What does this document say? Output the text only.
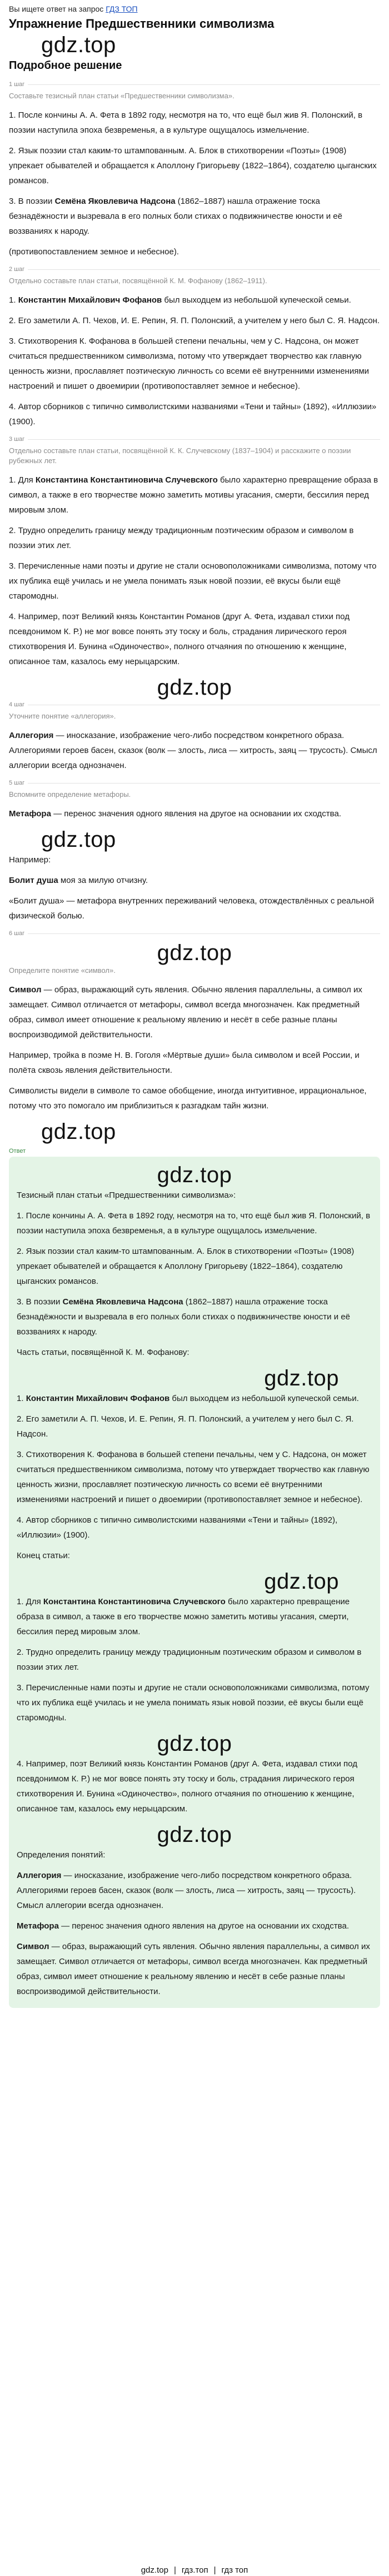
Вы ищете ответ на запрос ГДЗ ТОП
Упражнение Предшественники символизма
gdz.top
Подробное решение
1 шаг
Составьте тезисный план статьи «Предшественники символизма».

1. После кончины А. А. Фета в 1892 году, несмотря на то, что ещё был жив Я. Полонский, в поэзии наступила эпоха безвременья, а в культуре ощущалось измельчение.

2. Язык поэзии стал каким-то штампованным. А. Блок в стихотворении «Поэты» (1908) упрекает обывателей и обращается к Аполлону Григорьеву (1822–1864), создателю цыганских романсов.

3. В поэзии Семёна Яковлевича Надсона (1862–1887) нашла отражение тоска безнадёжности и вызревала в его полных боли стихах о подвижничестве юности и её воззваниях к народу.

(противопоставлением земное и небесное).

2 шаг
Отдельно составьте план статьи, посвящённой К. М. Фофанову (1862–1911).

1. Константин Михайлович Фофанов был выходцем из небольшой купеческой семьи.

2. Его заметили А. П. Чехов, И. Е. Репин, Я. П. Полонский, а учителем у него был С. Я. Надсон.

3. Стихотворения К. Фофанова в большей степени печальны, чем у С. Надсона, он может считаться предшественником символизма, потому что утверждает творчество как главную ценность жизни, прославляет поэтическую личность со всеми её внутренними изменениями настроений и пишет о двоемирии (противопоставляет земное и небесное).

4. Автор сборников с типично символистскими названиями «Тени и тайны» (1892), «Иллюзии» (1900).

3 шаг
Отдельно составьте план статьи, посвящённой К. К. Случевскому (1837–1904) и расскажите о поэзии рубежных лет.

1. Для Константина Константиновича Случевского было характерно превращение образа в символ, а также в его творчестве можно заметить мотивы угасания, смерти, бессилия перед мировым злом.

2. Трудно определить границу между традиционным поэтическим образом и символом в поэзии этих лет.

3. Перечисленные нами поэты и другие не стали основоположниками символизма, потому что их публика ещё училась и не умела понимать язык новой поэзии, её вкусы были ещё старомодны.

4. Например, поэт Великий князь Константин Романов (друг А. Фета, издавал стихи под псевдонимом К. Р.) не мог вовсе понять эту тоску и боль, страдания лирического героя стихотворения И. Бунина «Одиночество», полного отчаяния по отношению к женщине, описанное там, казалось ему нерыцарским.

gdz.top
4 шаг
Уточните понятие «аллегория».

Аллегория — иносказание, изображение чего-либо посредством конкретного образа. Аллегориями героев басен, сказок (волк — злость, лиса — хитрость, заяц — трусость). Смысл аллегории всегда однозначен.

5 шаг
Вспомните определение метафоры.

Метафора — перенос значения одного явления на другое на основании их сходства.

gdz.top

Например:

Болит душа моя за милую отчизну.

«Болит душа» — метафора внутренних переживаний человека, отождествлённых с реальной физической болью.

6 шаг
gdz.top
Определите понятие «символ».

Символ — образ, выражающий суть явления. Обычно явления параллельны, а символ их замещает. Символ отличается от метафоры, символ всегда многозначен. Как предметный образ, символ имеет отношение к реальному явлению и несёт в себе разные планы воспроизводимой действительности.

Например, тройка в поэме Н. В. Гоголя «Мёртвые души» была символом и всей России, и полёта сквозь явления действительности.

Символисты видели в символе то самое обобщение, иногда интуитивное, иррациональное, потому что это помогало им приблизиться к разгадкам тайн жизни.

gdz.top
Ответ
gdz.top

Тезисный план статьи «Предшественники символизма»:

1. После кончины А. А. Фета в 1892 году, несмотря на то, что ещё был жив Я. Полонский, в поэзии наступила эпоха безвременья, а в культуре ощущалось измельчение.

2. Язык поэзии стал каким-то штампованным. А. Блок в стихотворении «Поэты» (1908) упрекает обывателей и обращается к Аполлону Григорьеву (1822–1864), создателю цыганских романсов.

3. В поэзии Семёна Яковлевича Надсона (1862–1887) нашла отражение тоска безнадёжности и вызревала в его полных боли стихах о подвижничестве юности и её воззваниях к народу.

Часть статьи, посвящённой К. М. Фофанову:

gdz.top

1. Константин Михайлович Фофанов был выходцем из небольшой купеческой семьи.

2. Его заметили А. П. Чехов, И. Е. Репин, Я. П. Полонский, а учителем у него был С. Я. Надсон.

3. Стихотворения К. Фофанова в большей степени печальны, чем у С. Надсона, он может считаться предшественником символизма, потому что утверждает творчество как главную ценность жизни, прославляет поэтическую личность со всеми её внутренними изменениями настроений и пишет о двоемирии (противопоставляет земное и небесное).

4. Автор сборников с типично символистскими названиями «Тени и тайны» (1892), «Иллюзии» (1900).

Конец статьи:

gdz.top

1. Для Константина Константиновича Случевского было характерно превращение образа в символ, а также в его творчестве можно заметить мотивы угасания, смерти, бессилия перед мировым злом.

2. Трудно определить границу между традиционным поэтическим образом и символом в поэзии этих лет.

3. Перечисленные нами поэты и другие не стали основоположниками символизма, потому что их публика ещё училась и не умела понимать язык новой поэзии, её вкусы были ещё старомодны.

gdz.top

4. Например, поэт Великий князь Константин Романов (друг А. Фета, издавал стихи под псевдонимом К. Р.) не мог вовсе понять эту тоску и боль, страдания лирического героя стихотворения И. Бунина «Одиночество», полного отчаяния по отношению к женщине, описанное там, казалось ему нерыцарским.

gdz.top

Определения понятий:

Аллегория — иносказание, изображение чего-либо посредством конкретного образа. Аллегориями героев басен, сказок (волк — злость, лиса — хитрость, заяц — трусость). Смысл аллегории всегда однозначен.

Метафора — перенос значения одного явления на другое на основании их сходства.

Символ — образ, выражающий суть явления. Обычно явления параллельны, а символ их замещает. Символ отличается от метафоры, символ всегда многозначен. Как предметный образ, символ имеет отношение к реальному явлению и несёт в себе разные планы воспроизводимой действительности.

gdz.top | гдз.топ | гдз топ
